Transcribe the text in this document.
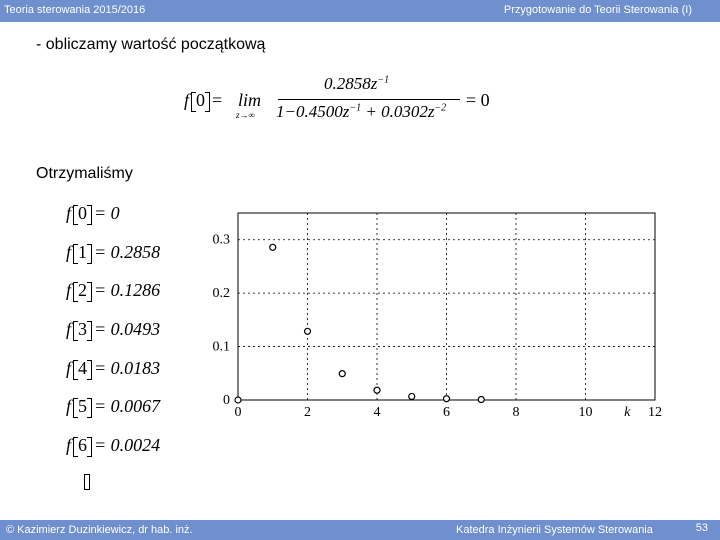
Teoria sterowania 2015/2016	Przygotowanie do Teorii Sterowania (I)
- obliczamy wartość początkową
f 0 = lim
z→∞
$0.2858z^{-1}$
$1-0.4500z^{-1} + 0.0302z^{-2} = 0$
Otrzymaliśmy
f 0 = 0
f 1 = 0.2858
f 2 = 0.1286
f 3 = 0.0493
f 4 = 0.0183
f 5 = 0.0067
f 6 = 0.0024
0	2	4	6	8	10 k 12
0
0.1
0.2
0.3
© Kazimierz Duzinkiewicz, dr hab. inż.	Katedra Inżynierii Systemów Sterowania	53
